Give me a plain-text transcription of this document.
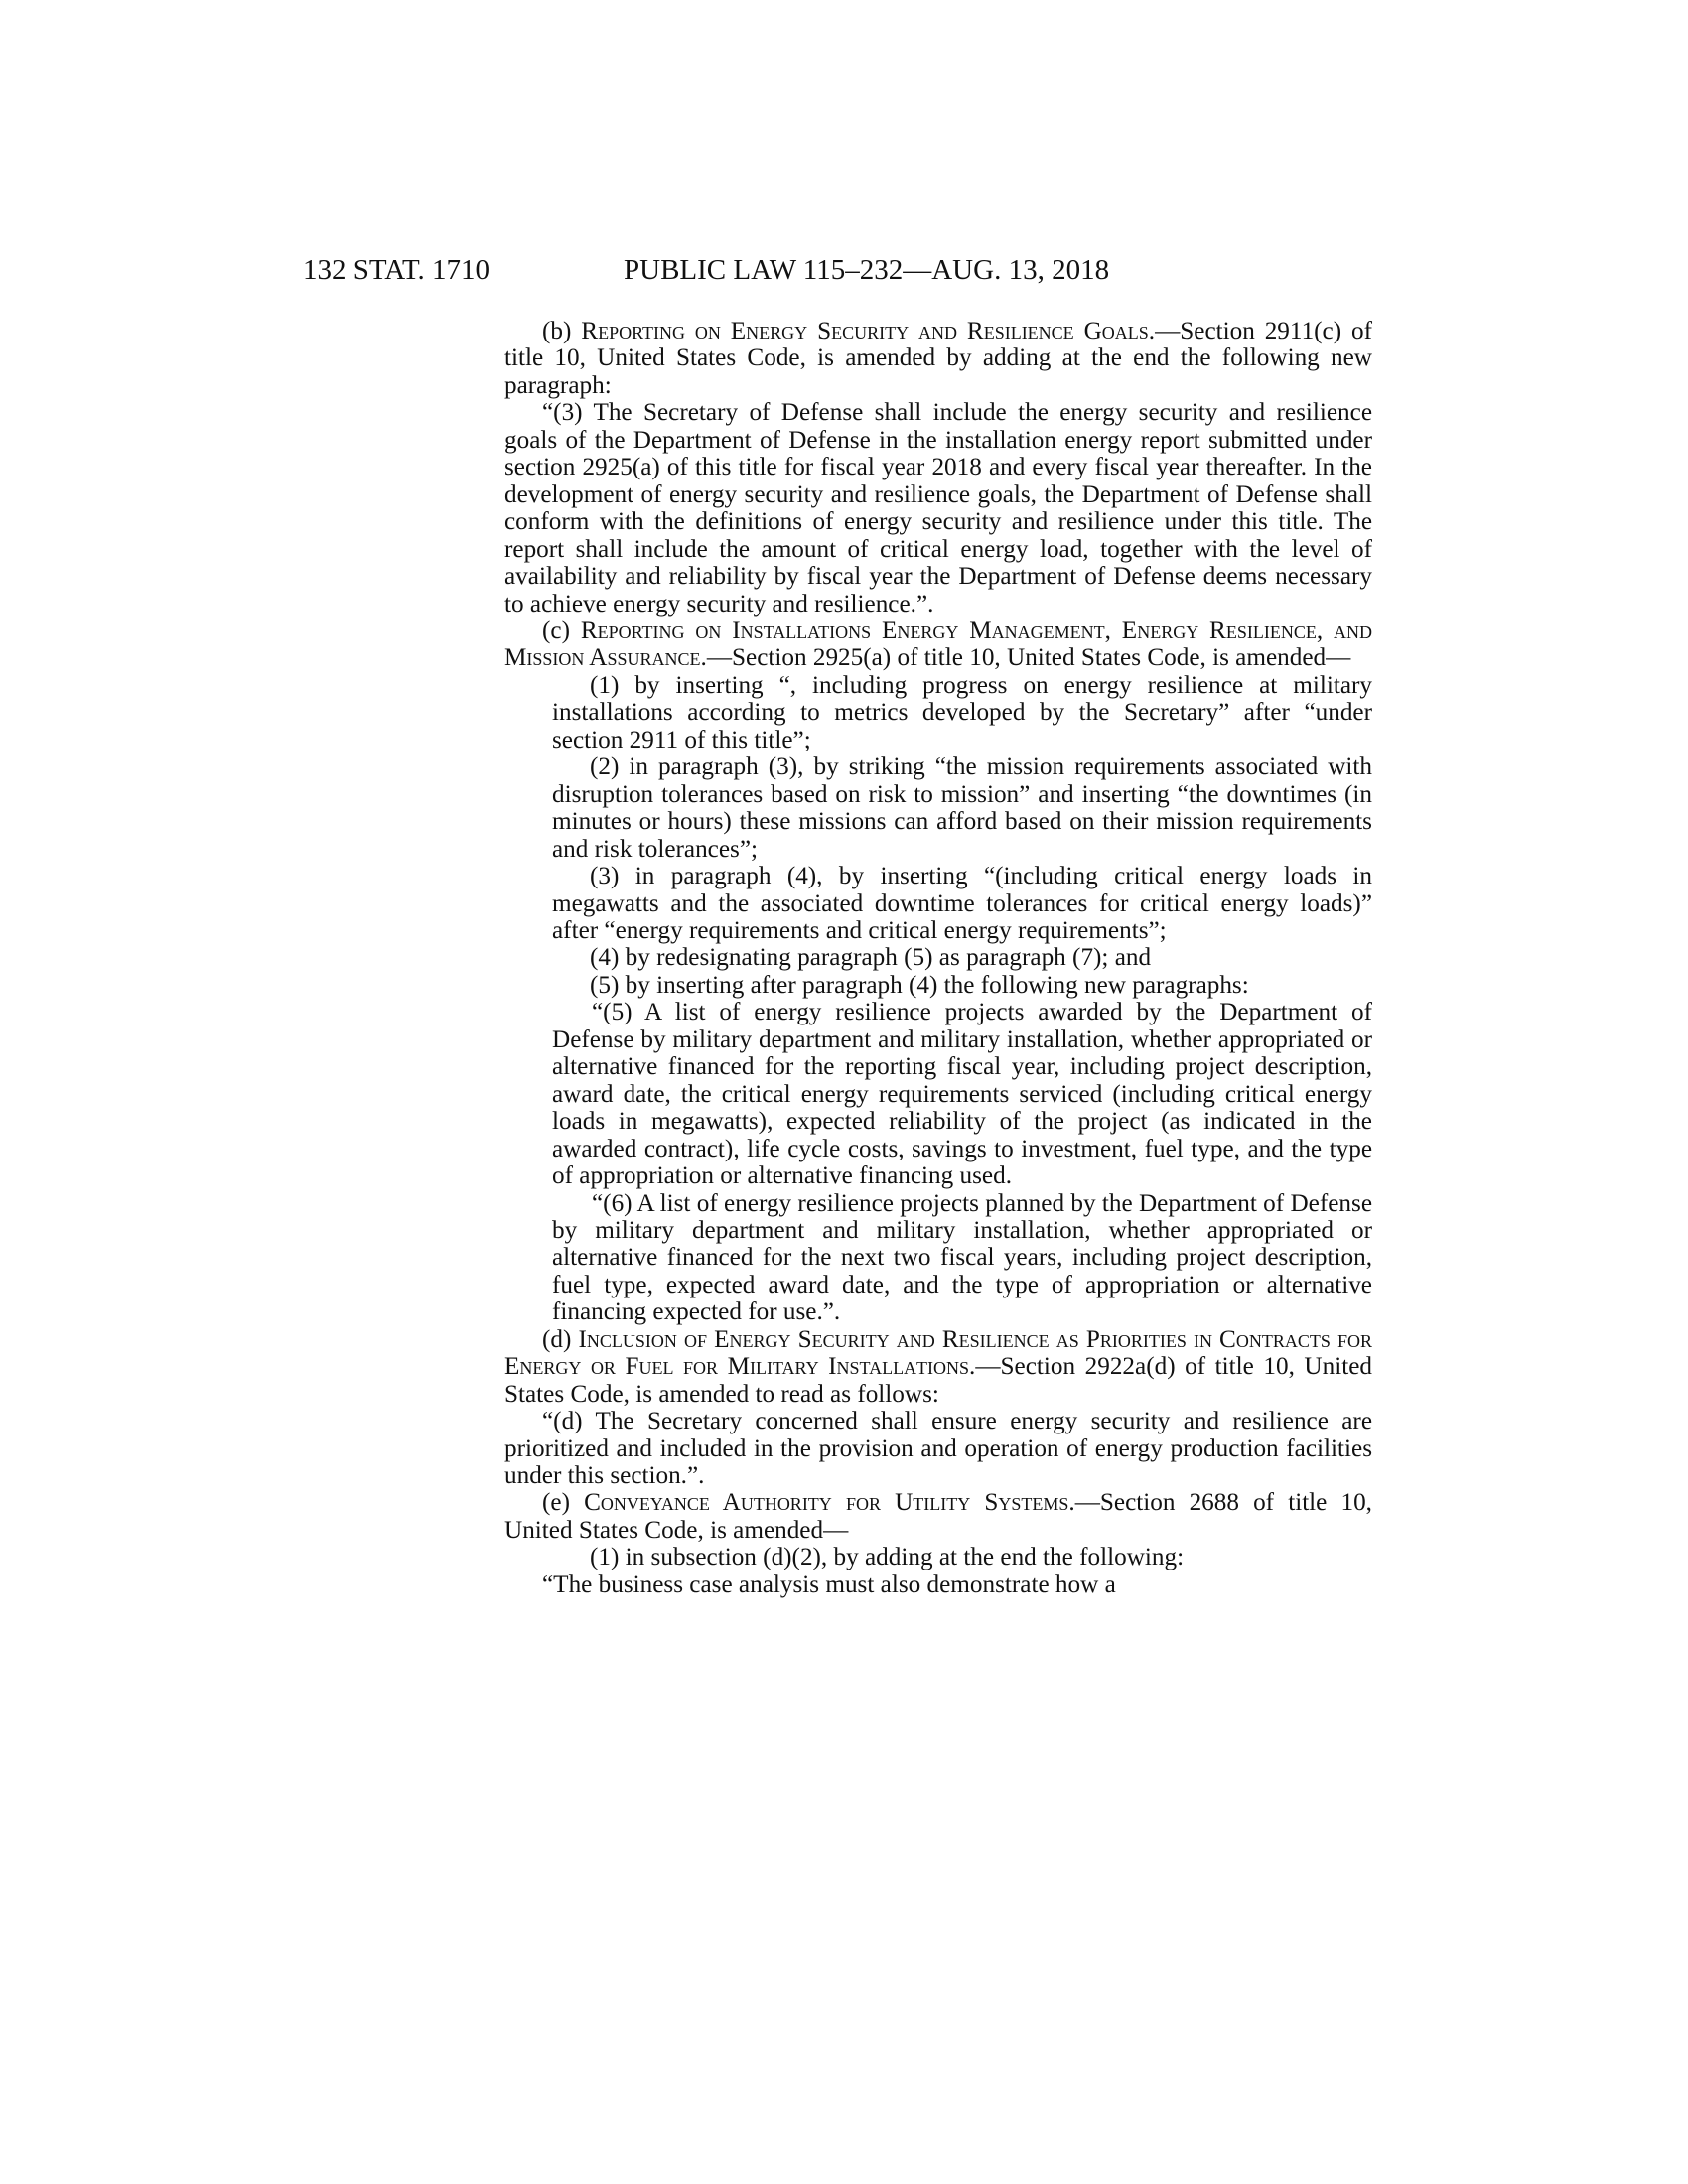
132 STAT. 1710	PUBLIC LAW 115–232—AUG. 13, 2018

(b) Reporting on Energy Security and Resilience Goals.—Section 2911(c) of title 10, United States Code, is amended by adding at the end the following new paragraph:

“(3) The Secretary of Defense shall include the energy security and resilience goals of the Department of Defense in the installation energy report submitted under section 2925(a) of this title for fiscal year 2018 and every fiscal year thereafter. In the development of energy security and resilience goals, the Department of Defense shall conform with the definitions of energy security and resilience under this title. The report shall include the amount of critical energy load, together with the level of availability and reliability by fiscal year the Department of Defense deems necessary to achieve energy security and resilience.”.

(c) Reporting on Installations Energy Management, Energy Resilience, and Mission Assurance.—Section 2925(a) of title 10, United States Code, is amended—

(1) by inserting “, including progress on energy resilience at military installations according to metrics developed by the Secretary” after “under section 2911 of this title”;

(2) in paragraph (3), by striking “the mission requirements associated with disruption tolerances based on risk to mission” and inserting “the downtimes (in minutes or hours) these missions can afford based on their mission requirements and risk tolerances”;

(3) in paragraph (4), by inserting “(including critical energy loads in megawatts and the associated downtime tolerances for critical energy loads)” after “energy requirements and critical energy requirements”;

(4) by redesignating paragraph (5) as paragraph (7); and

(5) by inserting after paragraph (4) the following new paragraphs:

“(5) A list of energy resilience projects awarded by the Department of Defense by military department and military installation, whether appropriated or alternative financed for the reporting fiscal year, including project description, award date, the critical energy requirements serviced (including critical energy loads in megawatts), expected reliability of the project (as indicated in the awarded contract), life cycle costs, savings to investment, fuel type, and the type of appropriation or alternative financing used.

“(6) A list of energy resilience projects planned by the Department of Defense by military department and military installation, whether appropriated or alternative financed for the next two fiscal years, including project description, fuel type, expected award date, and the type of appropriation or alternative financing expected for use.”.

(d) Inclusion of Energy Security and Resilience as Priorities in Contracts for Energy or Fuel for Military Installations.—Section 2922a(d) of title 10, United States Code, is amended to read as follows:

“(d) The Secretary concerned shall ensure energy security and resilience are prioritized and included in the provision and operation of energy production facilities under this section.”.

(e) Conveyance Authority for Utility Systems.—Section 2688 of title 10, United States Code, is amended—

(1) in subsection (d)(2), by adding at the end the following:

“The business case analysis must also demonstrate how a
